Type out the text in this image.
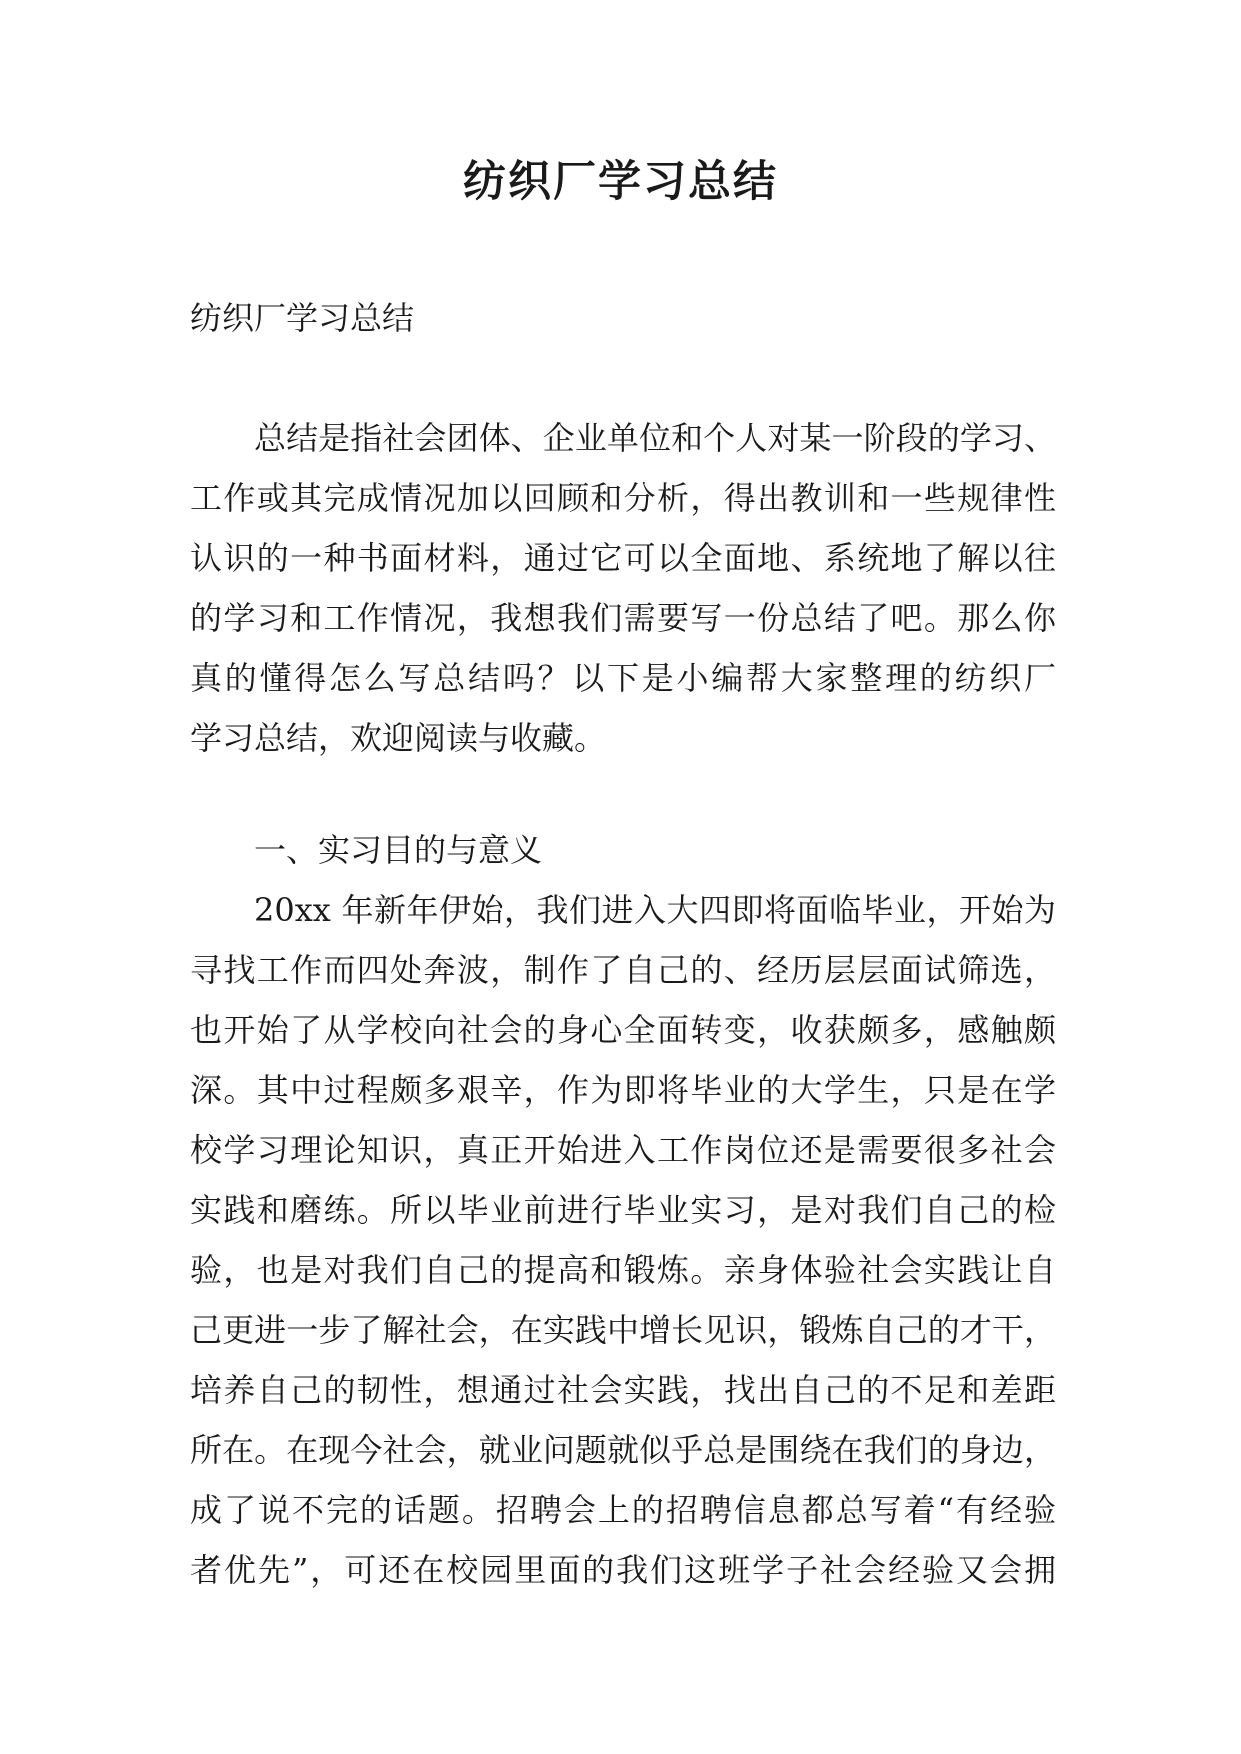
纺织厂学习总结
纺织厂学习总结
总结是指社会团体、企业单位和个人对某一阶段的学习、
工作或其完成情况加以回顾和分析，得出教训和一些规律性
认识的一种书面材料，通过它可以全面地、系统地了解以往
的学习和工作情况，我想我们需要写一份总结了吧。那么你
真的懂得怎么写总结吗？以下是小编帮大家整理的纺织厂
学习总结，欢迎阅读与收藏。
一、实习目的与意义
20xx 年新年伊始，我们进入大四即将面临毕业，开始为
寻找工作而四处奔波，制作了自己的、经历层层面试筛选，
也开始了从学校向社会的身心全面转变，收获颇多，感触颇
深。其中过程颇多艰辛，作为即将毕业的大学生，只是在学
校学习理论知识，真正开始进入工作岗位还是需要很多社会
实践和磨练。所以毕业前进行毕业实习，是对我们自己的检
验，也是对我们自己的提高和锻炼。亲身体验社会实践让自
己更进一步了解社会，在实践中增长见识，锻炼自己的才干，
培养自己的韧性，想通过社会实践，找出自己的不足和差距
所在。在现今社会，就业问题就似乎总是围绕在我们的身边，
成了说不完的话题。招聘会上的招聘信息都总写着“有经验
者优先”，可还在校园里面的我们这班学子社会经验又会拥
